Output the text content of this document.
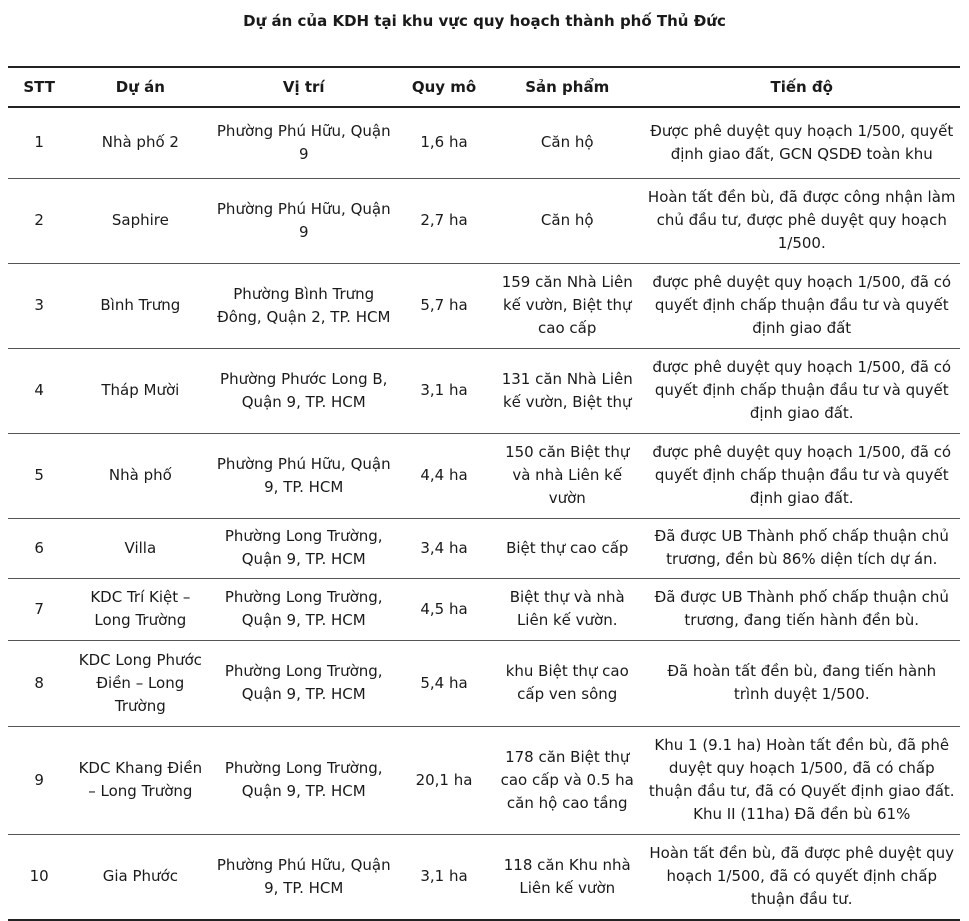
Dự án của KDH tại khu vực quy hoạch thành phố Thủ Đức
STT	Dự án	Vị trí	Quy mô	Sản phẩm	Tiến độ
1	Nhà phố 2	Phường Phú Hữu, Quận 9	1,6 ha	Căn hộ	Được phê duyệt quy hoạch 1/500, quyết định giao đất, GCN QSDĐ toàn khu
2	Saphire	Phường Phú Hữu, Quận 9	2,7 ha	Căn hộ	Hoàn tất đền bù, đã được công nhận làm chủ đầu tư, được phê duyệt quy hoạch 1/500.
3	Bình Trưng	Phường Bình Trưng Đông, Quận 2, TP. HCM	5,7 ha	159 căn Nhà Liên kế vườn, Biệt thự cao cấp	được phê duyệt quy hoạch 1/500, đã có quyết định chấp thuận đầu tư và quyết định giao đất
4	Tháp Mười	Phường Phước Long B, Quận 9, TP. HCM	3,1 ha	131 căn Nhà Liên kế vườn, Biệt thự	được phê duyệt quy hoạch 1/500, đã có quyết định chấp thuận đầu tư và quyết định giao đất.
5	Nhà phố	Phường Phú Hữu, Quận 9, TP. HCM	4,4 ha	150 căn Biệt thự và nhà Liên kế vườn	được phê duyệt quy hoạch 1/500, đã có quyết định chấp thuận đầu tư và quyết định giao đất.
6	Villa	Phường Long Trường, Quận 9, TP. HCM	3,4 ha	Biệt thự cao cấp	Đã được UB Thành phố chấp thuận chủ trương, đền bù 86% diện tích dự án.
7	KDC Trí Kiệt – Long Trường	Phường Long Trường, Quận 9, TP. HCM	4,5 ha	Biệt thự và nhà Liên kế vườn.	Đã được UB Thành phố chấp thuận chủ trương, đang tiến hành đền bù.
8	KDC Long Phước Điền – Long Trường	Phường Long Trường, Quận 9, TP. HCM	5,4 ha	khu Biệt thự cao cấp ven sông	Đã hoàn tất đền bù, đang tiến hành trình duyệt 1/500.
9	KDC Khang Điền – Long Trường	Phường Long Trường, Quận 9, TP. HCM	20,1 ha	178 căn Biệt thự cao cấp và 0.5 ha căn hộ cao tầng	Khu 1 (9.1 ha) Hoàn tất đền bù, đã phê duyệt quy hoạch 1/500, đã có chấp thuận đầu tư, đã có Quyết định giao đất. Khu II (11ha) Đã đền bù 61%
10	Gia Phước	Phường Phú Hữu, Quận 9, TP. HCM	3,1 ha	118 căn Khu nhà Liên kế vườn	Hoàn tất đền bù, đã được phê duyệt quy hoạch 1/500, đã có quyết định chấp thuận đầu tư.
